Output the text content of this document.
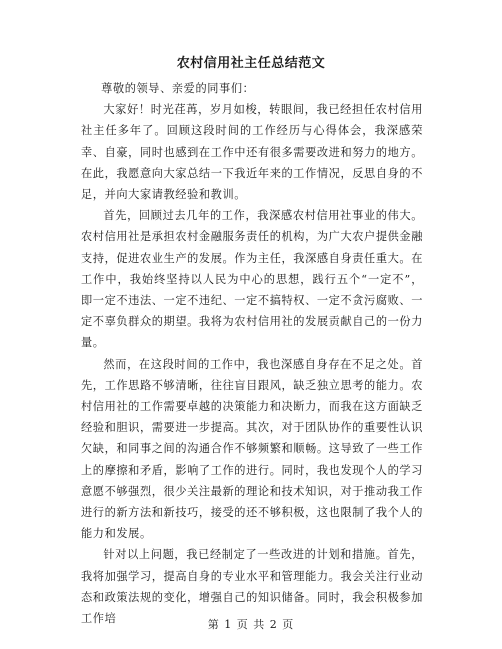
农村信用社主任总结范文

尊敬的领导、亲爱的同事们：

大家好！时光荏苒，岁月如梭，转眼间，我已经担任农村信用社主任多年了。回顾这段时间的工作经历与心得体会，我深感荣幸、自豪，同时也感到在工作中还有很多需要改进和努力的地方。在此，我愿意向大家总结一下我近年来的工作情况，反思自身的不足，并向大家请教经验和教训。

首先，回顾过去几年的工作，我深感农村信用社事业的伟大。农村信用社是承担农村金融服务责任的机构，为广大农户提供金融支持，促进农业生产的发展。作为主任，我深感自身责任重大。在工作中，我始终坚持以人民为中心的思想，践行五个“一定不”，即一定不违法、一定不违纪、一定不搞特权、一定不贪污腐败、一定不辜负群众的期望。我将为农村信用社的发展贡献自己的一份力量。

然而，在这段时间的工作中，我也深感自身存在不足之处。首先，工作思路不够清晰，往往盲目跟风，缺乏独立思考的能力。农村信用社的工作需要卓越的决策能力和决断力，而我在这方面缺乏经验和胆识，需要进一步提高。其次，对于团队协作的重要性认识欠缺，和同事之间的沟通合作不够频繁和顺畅。这导致了一些工作上的摩擦和矛盾，影响了工作的进行。同时，我也发现个人的学习意愿不够强烈，很少关注最新的理论和技术知识，对于推动我工作进行的新方法和新技巧，接受的还不够积极，这也限制了我个人的能力和发展。

针对以上问题，我已经制定了一些改进的计划和措施。首先，我将加强学习，提高自身的专业水平和管理能力。我会关注行业动态和政策法规的变化，增强自己的知识储备。同时，我会积极参加工作培	第 1 页 共 2 页
